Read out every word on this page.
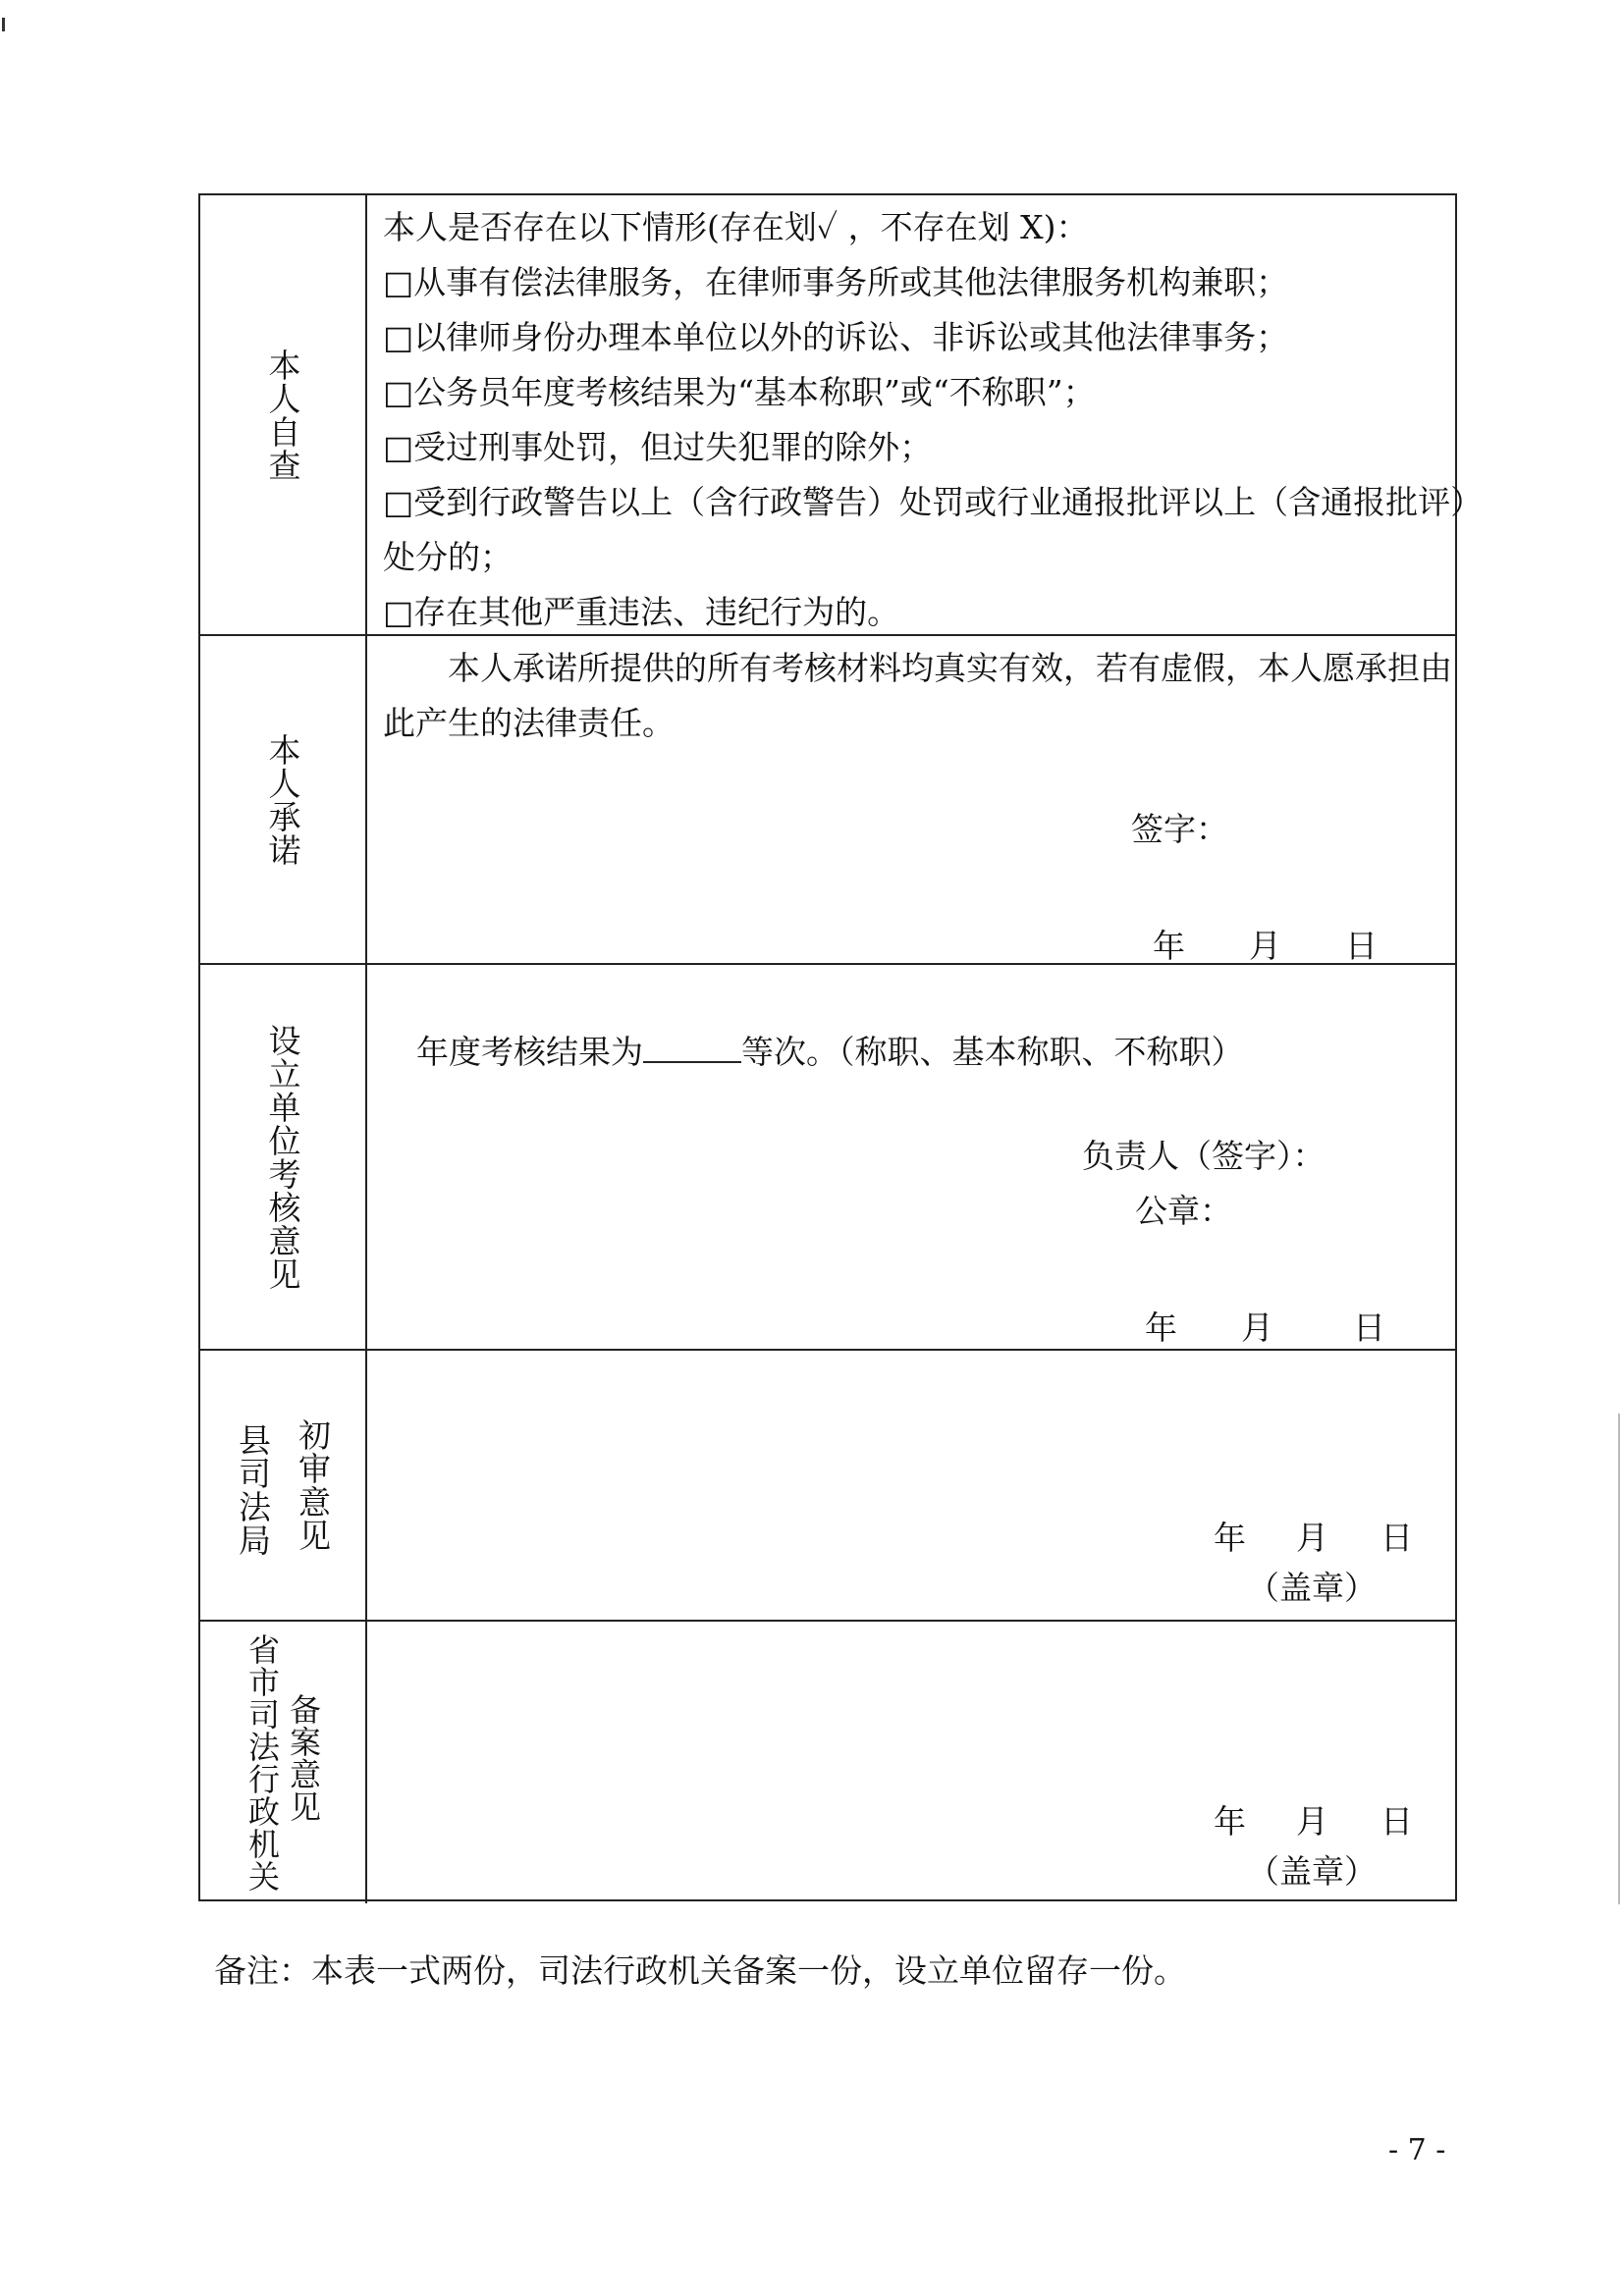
本人自查
本人是否存在以下情形(存在划✓ ，不存在划 X)：
□从事有偿法律服务，在律师事务所或其他法律服务机构兼职；
□以律师身份办理本单位以外的诉讼、非诉讼或其他法律事务；
□公务员年度考核结果为“基本称职”或“不称职”；
□受过刑事处罚，但过失犯罪的除外；
□受到行政警告以上（含行政警告）处罚或行业通报批评以上（含通报批评）
处分的；
□存在其他严重违法、违纪行为的。
本人承诺
本人承诺所提供的所有考核材料均真实有效，若有虚假，本人愿承担由
此产生的法律责任。
签字：
年 月 日
设立单位考核意见	年度考核结果为	等次。（称职、基本称职、不称职）
负责人（签字）：
公章：
年 月 日
县司法局 初审意见	年 月 日
（盖章）
省市司法行政机关 备案意见	年 月 日
（盖章）
备注：本表一式两份，司法行政机关备案一份，设立单位留存一份。
- 7 -
